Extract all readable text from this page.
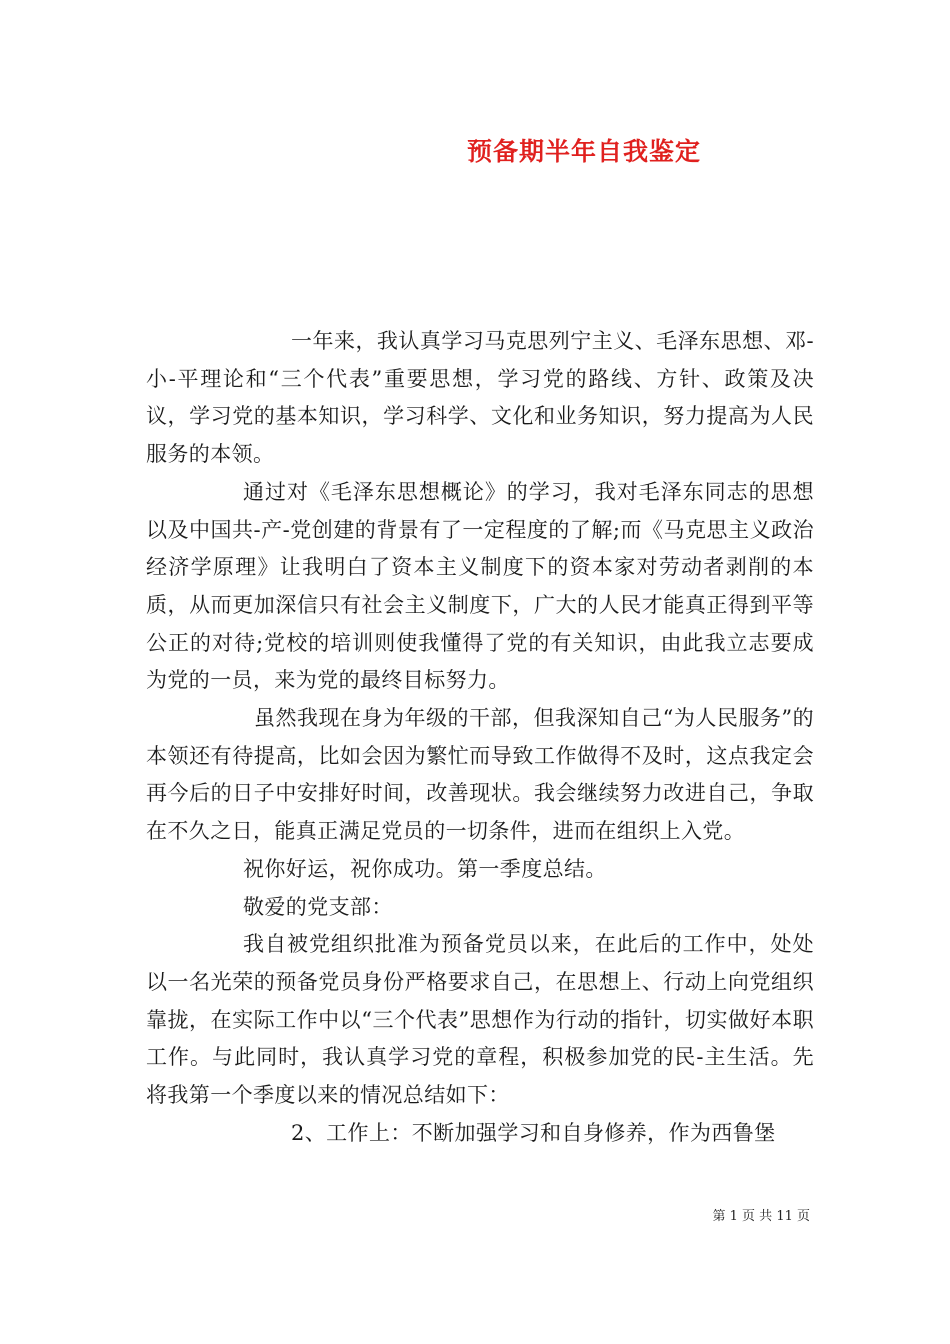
预备期半年自我鉴定

一年来，我认真学习马克思列宁主义、毛泽东思想、邓-小-平理论和“三个代表”重要思想，学习党的路线、方针、政策及决议，学习党的基本知识，学习科学、文化和业务知识，努力提高为人民服务的本领。

通过对《毛泽东思想概论》的学习，我对毛泽东同志的思想以及中国共-产-党创建的背景有了一定程度的了解;而《马克思主义政治经济学原理》让我明白了资本主义制度下的资本家对劳动者剥削的本质，从而更加深信只有社会主义制度下，广大的人民才能真正得到平等公正的对待;党校的培训则使我懂得了党的有关知识，由此我立志要成为党的一员，来为党的最终目标努力。

虽然我现在身为年级的干部，但我深知自己“为人民服务”的本领还有待提高，比如会因为繁忙而导致工作做得不及时，这点我定会再今后的日子中安排好时间，改善现状。我会继续努力改进自己，争取在不久之日，能真正满足党员的一切条件，进而在组织上入党。

祝你好运，祝你成功。第一季度总结。

敬爱的党支部：

我自被党组织批准为预备党员以来，在此后的工作中，处处以一名光荣的预备党员身份严格要求自己，在思想上、行动上向党组织靠拢，在实际工作中以“三个代表”思想作为行动的指针，切实做好本职工作。与此同时，我认真学习党的章程，积极参加党的民-主生活。先将我第一个季度以来的情况总结如下：

2、工作上：不断加强学习和自身修养，作为西鲁堡

第 1 页 共 11 页
